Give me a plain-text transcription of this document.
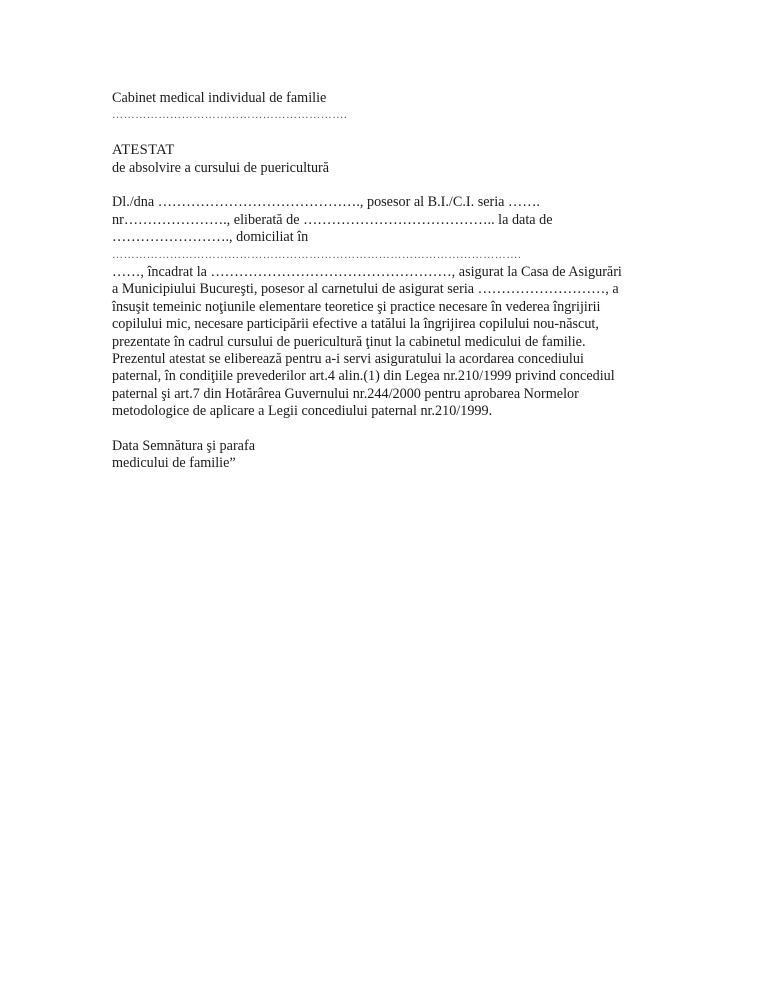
Cabinet medical individual de familie
…………………………………………………….
ATESTAT
de absolvire a cursului de puericultură
Dl./dna ……………………………………., posesor al B.I./C.I. seria …….
nr…………………., eliberată de ………………………………….. la data de
……………………., domiciliat în
…………………………………………………………………………………………….
……, încadrat la ……………………………………………, asigurat la Casa de Asigurări
a Municipiului Bucureşti, posesor al carnetului de asigurat seria ………………………, a
însuşit temeinic noţiunile elementare teoretice şi practice necesare în vederea îngrijirii
copilului mic, necesare participării efective a tatălui la îngrijirea copilului nou-născut,
prezentate în cadrul cursului de puericultură ţinut la cabinetul medicului de familie.
Prezentul atestat se eliberează pentru a-i servi asiguratului la acordarea concediului
paternal, în condiţiile prevederilor art.4 alin.(1) din Legea nr.210/1999 privind concediul
paternal şi art.7 din Hotărârea Guvernului nr.244/2000 pentru aprobarea Normelor
metodologice de aplicare a Legii concediului paternal nr.210/1999.
Data Semnătura şi parafa
medicului de familie”
